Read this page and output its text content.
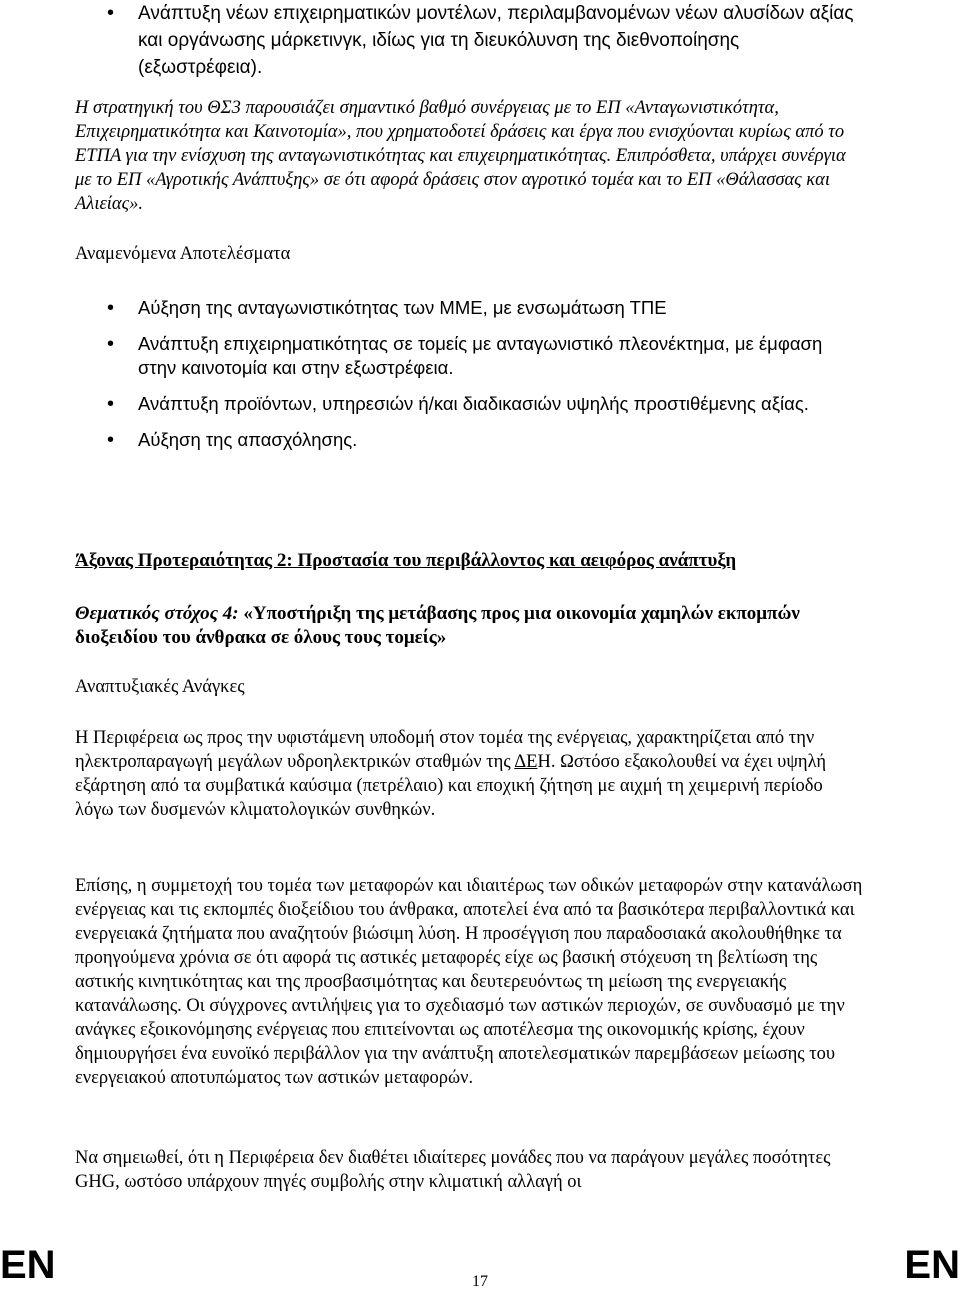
• Ανάπτυξη νέων επιχειρηματικών μοντέλων, περιλαμβανομένων νέων αλυσίδων αξίας και οργάνωσης μάρκετινγκ, ιδίως για τη διευκόλυνση της διεθνοποίησης (εξωστρέφεια).

Η στρατηγική του ΘΣ3 παρουσιάζει σημαντικό βαθμό συνέργειας με το ΕΠ «Ανταγωνιστικότητα, Επιχειρηματικότητα και Καινοτομία», που χρηματοδοτεί δράσεις και έργα που ενισχύονται κυρίως από το ΕΤΠΑ για την ενίσχυση της ανταγωνιστικότητας και επιχειρηματικότητας. Επιπρόσθετα, υπάρχει συνέργια με το ΕΠ «Αγροτικής Ανάπτυξης» σε ότι αφορά δράσεις στον αγροτικό τομέα και το ΕΠ «Θάλασσας και Αλιείας».

Αναμενόμενα Αποτελέσματα

• Αύξηση της ανταγωνιστικότητας των ΜΜΕ, με ενσωμάτωση ΤΠΕ
• Ανάπτυξη επιχειρηματικότητας σε τομείς με ανταγωνιστικό πλεονέκτημα, με έμφαση στην καινοτομία και στην εξωστρέφεια.
• Ανάπτυξη προϊόντων, υπηρεσιών ή/και διαδικασιών υψηλής προστιθέμενης αξίας.
• Αύξηση της απασχόλησης.
Άξονας Προτεραιότητας 2: Προστασία του περιβάλλοντος και αειφόρος ανάπτυξη
Θεματικός στόχος 4: «Υποστήριξη της μετάβασης προς μια οικονομία χαμηλών εκπομπών διοξειδίου του άνθρακα σε όλους τους τομείς»

Αναπτυξιακές Ανάγκες

Η Περιφέρεια ως προς την υφιστάμενη υποδομή στον τομέα της ενέργειας, χαρακτηρίζεται από την ηλεκτροπαραγωγή μεγάλων υδροηλεκτρικών σταθμών της ΔΕΗ. Ωστόσο εξακολουθεί να έχει υψηλή εξάρτηση από τα συμβατικά καύσιμα (πετρέλαιο) και εποχική ζήτηση με αιχμή τη χειμερινή περίοδο λόγω των δυσμενών κλιματολογικών συνθηκών.

Επίσης, η συμμετοχή του τομέα των μεταφορών και ιδιαιτέρως των οδικών μεταφορών στην κατανάλωση ενέργειας και τις εκπομπές διοξείδιου του άνθρακα, αποτελεί ένα από τα βασικότερα περιβαλλοντικά και ενεργειακά ζητήματα που αναζητούν βιώσιμη λύση. Η προσέγγιση που παραδοσιακά ακολουθήθηκε τα προηγούμενα χρόνια σε ότι αφορά τις αστικές μεταφορές είχε ως βασική στόχευση τη βελτίωση της αστικής κινητικότητας και της προσβασιμότητας και δευτερευόντως τη μείωση της ενεργειακής κατανάλωσης. Οι σύγχρονες αντιλήψεις για το σχεδιασμό των αστικών περιοχών, σε συνδυασμό με την ανάγκες εξοικονόμησης ενέργειας που επιτείνονται ως αποτέλεσμα της οικονομικής κρίσης, έχουν δημιουργήσει ένα ευνοϊκό περιβάλλον για την ανάπτυξη αποτελεσματικών παρεμβάσεων μείωσης του ενεργειακού αποτυπώματος των αστικών μεταφορών.

Να σημειωθεί, ότι η Περιφέρεια δεν διαθέτει ιδιαίτερες μονάδες που να παράγουν μεγάλες ποσότητες GHG, ωστόσο υπάρχουν πηγές συμβολής στην κλιματική αλλαγή οι

EN	17	EN
